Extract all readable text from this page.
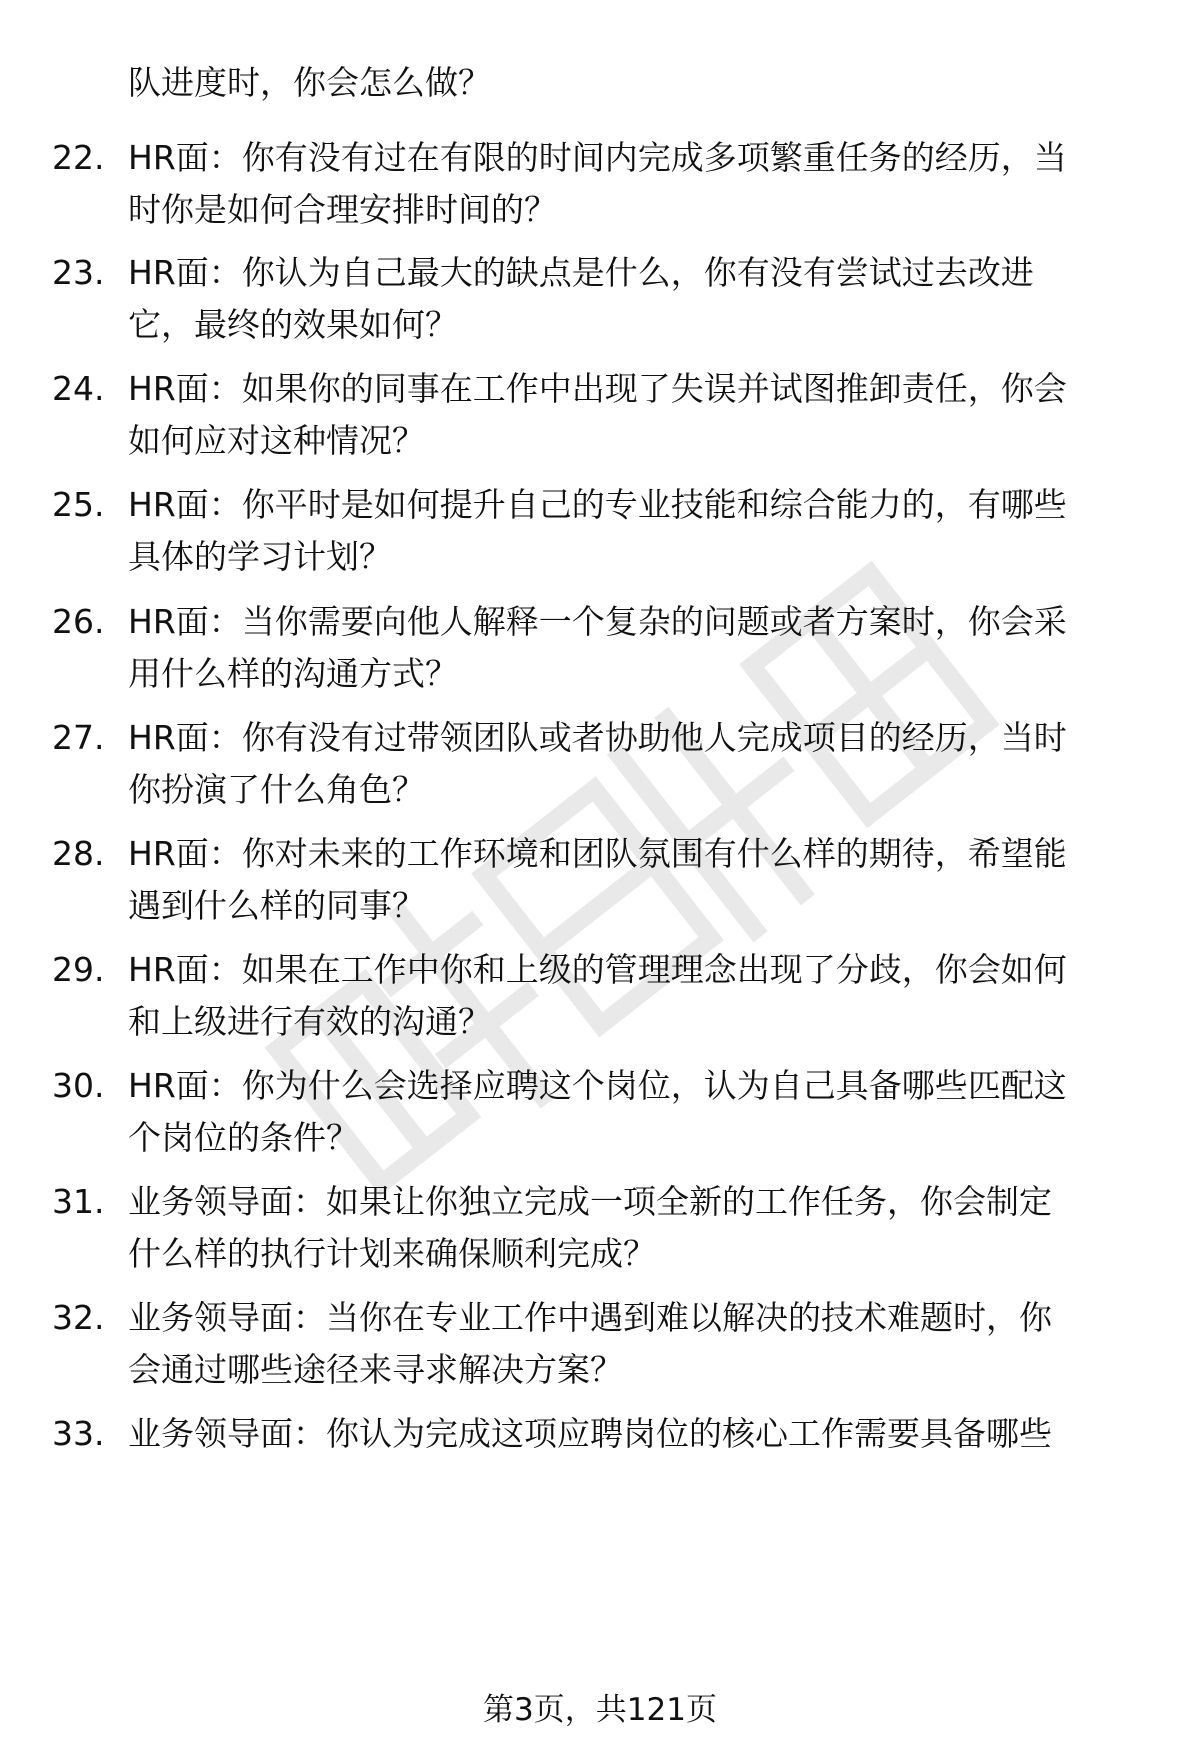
队进度时，你会怎么做？
22. HR面：你有没有过在有限的时间内完成多项繁重任务的经历，当
时你是如何合理安排时间的？
23. HR面：你认为自己最大的缺点是什么，你有没有尝试过去改进
它，最终的效果如何？
24. HR面：如果你的同事在工作中出现了失误并试图推卸责任，你会
如何应对这种情况？
25. HR面：你平时是如何提升自己的专业技能和综合能力的，有哪些
具体的学习计划？
26. HR面：当你需要向他人解释一个复杂的问题或者方案时，你会采
用什么样的沟通方式？
27. HR面：你有没有过带领团队或者协助他人完成项目的经历，当时
你扮演了什么角色？
28. HR面：你对未来的工作环境和团队氛围有什么样的期待，希望能
遇到什么样的同事？
29. HR面：如果在工作中你和上级的管理理念出现了分歧，你会如何
和上级进行有效的沟通？
30. HR面：你为什么会选择应聘这个岗位，认为自己具备哪些匹配这
个岗位的条件？
31. 业务领导面：如果让你独立完成一项全新的工作任务，你会制定
什么样的执行计划来确保顺利完成？
32. 业务领导面：当你在专业工作中遇到难以解决的技术难题时，你
会通过哪些途径来寻求解决方案？
33. 业务领导面：你认为完成这项应聘岗位的核心工作需要具备哪些
第3页，共121页
